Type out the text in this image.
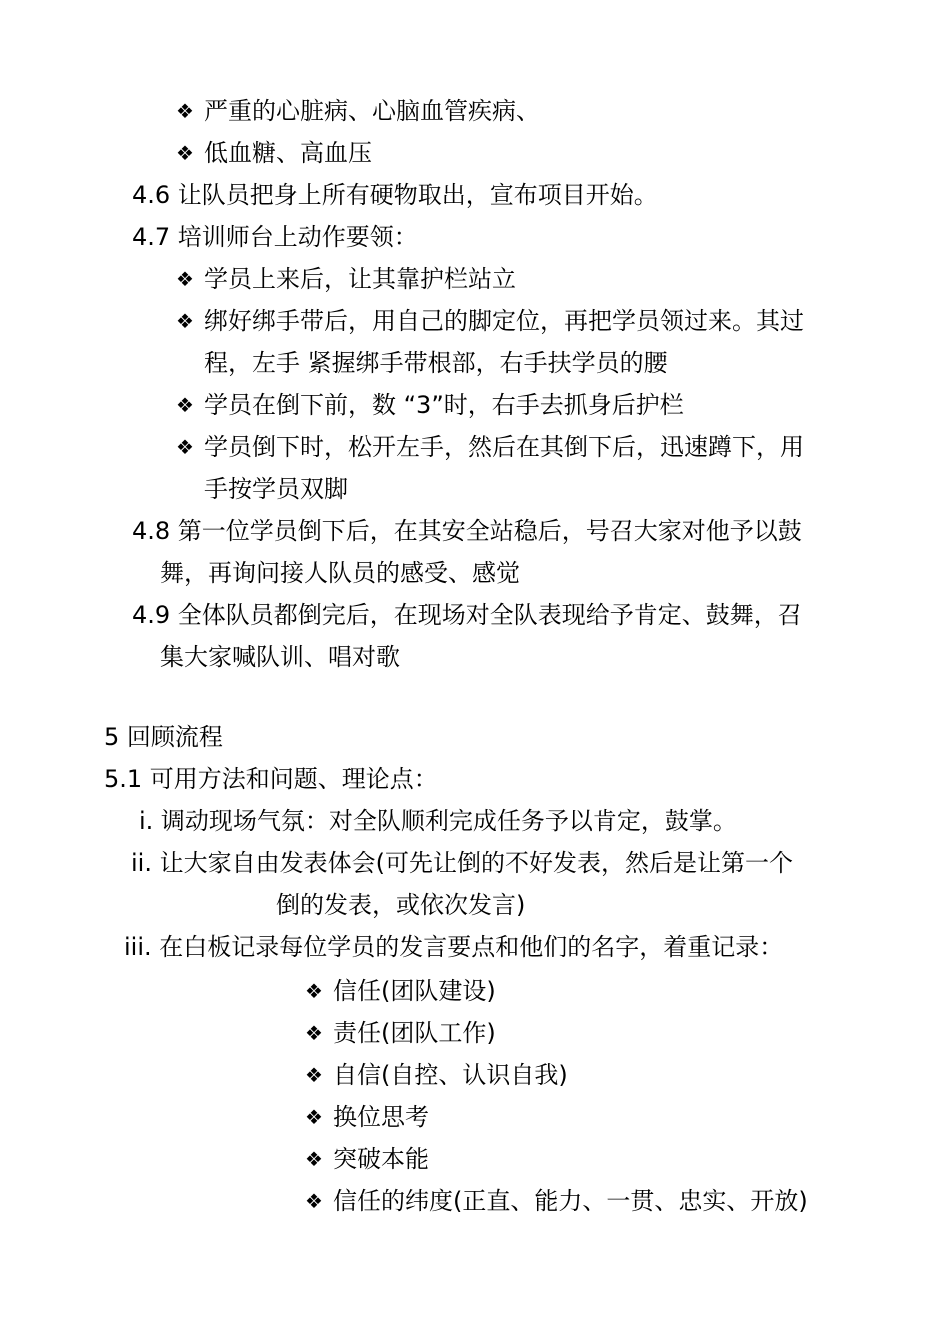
❖ 严重的心脏病、心脑血管疾病、
❖ 低血糖、高血压
4.6 让队员把身上所有硬物取出，宣布项目开始。
4.7 培训师台上动作要领：
❖ 学员上来后，让其靠护栏站立
❖ 绑好绑手带后，用自己的脚定位，再把学员领过来。其过
程，左手 紧握绑手带根部，右手扶学员的腰
❖ 学员在倒下前，数 “3”时，右手去抓身后护栏
❖ 学员倒下时，松开左手，然后在其倒下后，迅速蹲下，用
手按学员双脚
4.8 第一位学员倒下后，在其安全站稳后，号召大家对他予以鼓
舞，再询问接人队员的感受、感觉
4.9 全体队员都倒完后，在现场对全队表现给予肯定、鼓舞，召
集大家喊队训、唱对歌
5 回顾流程
5.1 可用方法和问题、理论点：
i. 调动现场气氛：对全队顺利完成任务予以肯定，鼓掌。
ii. 让大家自由发表体会(可先让倒的不好发表，然后是让第一个
倒的发表，或依次发言)
iii. 在白板记录每位学员的发言要点和他们的名字，着重记录：
❖ 信任(团队建设)
❖ 责任(团队工作)
❖ 自信(自控、认识自我)
❖ 换位思考
❖ 突破本能
❖ 信任的纬度(正直、能力、一贯、忠实、开放)
